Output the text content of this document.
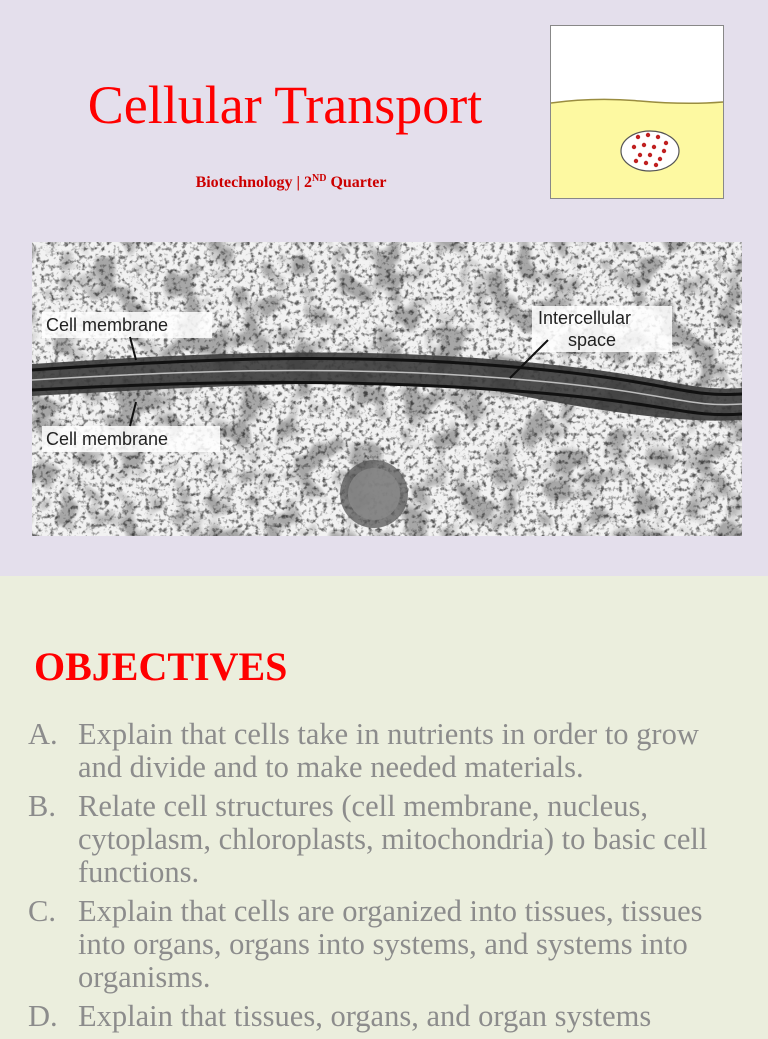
Cellular Transport
Biotechnology | 2ND Quarter
Cell membrane
Cell membrane
Intercellular
space
OBJECTIVES
A. Explain that cells take in nutrients in order to grow and divide and to make needed materials.
B. Relate cell structures (cell membrane, nucleus, cytoplasm, chloroplasts, mitochondria) to basic cell functions.
C. Explain that cells are organized into tissues, tissues into organs, organs into systems, and systems into organisms.
D. Explain that tissues, organs, and organ systems
